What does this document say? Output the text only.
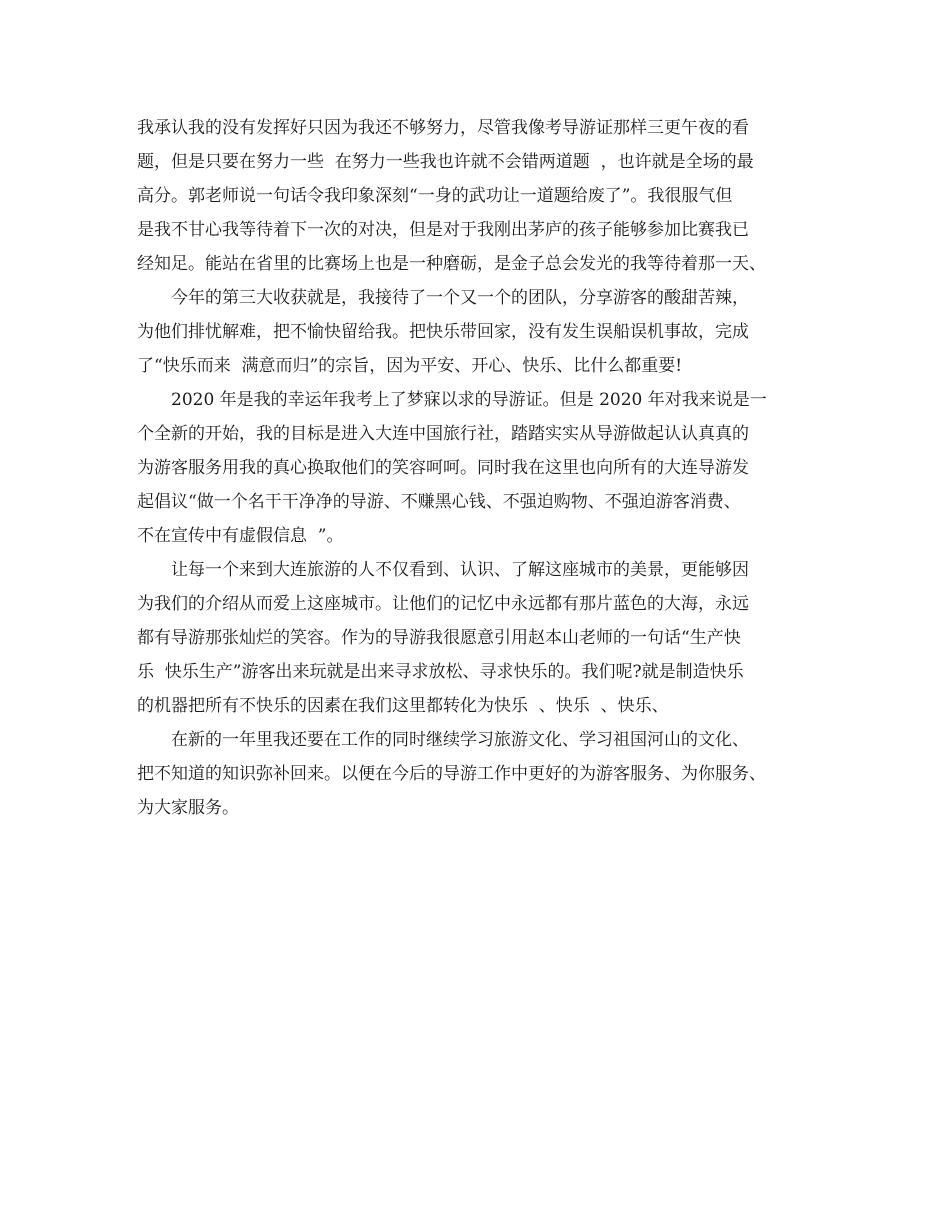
我承认我的没有发挥好只因为我还不够努力，尽管我像考导游证那样三更午夜的看
题，但是只要在努力一些  在努力一些我也许就不会错两道题  ，也许就是全场的最
高分。郭老师说一句话令我印象深刻“一身的武功让一道题给废了”。我很服气但
是我不甘心我等待着下一次的对决，但是对于我刚出茅庐的孩子能够参加比赛我已
经知足。能站在省里的比赛场上也是一种磨砺，是金子总会发光的我等待着那一天、
今年的第三大收获就是，我接待了一个又一个的团队，分享游客的酸甜苦辣，
为他们排忧解难，把不愉快留给我。把快乐带回家，没有发生误船误机事故，完成
了“快乐而来  满意而归”的宗旨，因为平安、开心、快乐、比什么都重要!
2020 年是我的幸运年我考上了梦寐以求的导游证。但是 2020 年对我来说是一
个全新的开始，我的目标是进入大连中国旅行社，踏踏实实从导游做起认认真真的
为游客服务用我的真心换取他们的笑容呵呵。同时我在这里也向所有的大连导游发
起倡议“做一个名干干净净的导游、不赚黑心钱、不强迫购物、不强迫游客消费、
不在宣传中有虚假信息  ”。
让每一个来到大连旅游的人不仅看到、认识、了解这座城市的美景，更能够因
为我们的介绍从而爱上这座城市。让他们的记忆中永远都有那片蓝色的大海，永远
都有导游那张灿烂的笑容。作为的导游我很愿意引用赵本山老师的一句话“生产快
乐  快乐生产”游客出来玩就是出来寻求放松、寻求快乐的。我们呢?就是制造快乐
的机器把所有不快乐的因素在我们这里都转化为快乐  、快乐  、快乐、
在新的一年里我还要在工作的同时继续学习旅游文化、学习祖国河山的文化、
把不知道的知识弥补回来。以便在今后的导游工作中更好的为游客服务、为你服务、
为大家服务。
